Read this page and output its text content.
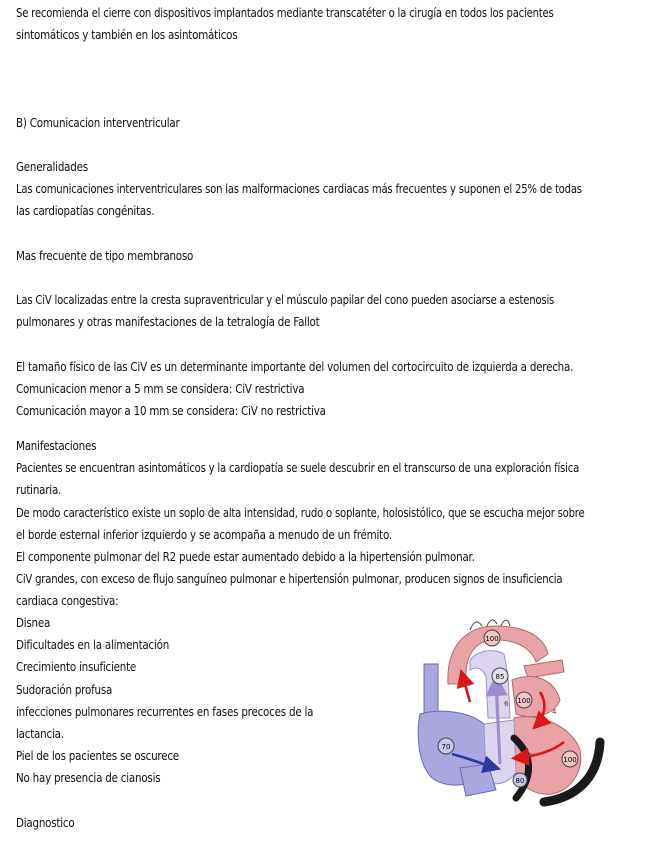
Se recomienda el cierre con dispositivos implantados mediante transcatéter o la cirugía en todos los pacientes

sintomáticos y también en los asintomáticos

B) Comunicacion interventricular

Generalidades

Las comunicaciones interventriculares son las malformaciones cardiacas más frecuentes y suponen el 25% de todas

las cardiopatías congénitas.

Mas frecuente de tipo membranoso

Las CiV localizadas entre la cresta supraventricular y el músculo papilar del cono pueden asociarse a estenosis

pulmonares y otras manifestaciones de la tetralogía de Fallot

El tamaño físico de las CiV es un determinante importante del volumen del cortocircuito de izquierda a derecha.

Comunicacion menor a 5 mm se considera: CiV restrictiva

Comunicación mayor a 10 mm se considera: CiV no restrictiva

Manifestaciones

Pacientes se encuentran asintomáticos y la cardiopatía se suele descubrir en el transcurso de una exploración física

rutinaria.

De modo característico existe un soplo de alta intensidad, rudo o soplante, holosistólico, que se escucha mejor sobre

el borde esternal inferior izquierdo y se acompaña a menudo de un frémito.

El componente pulmonar del R2 puede estar aumentado debido a la hipertensión pulmonar.

CiV grandes, con exceso de flujo sanguíneo pulmonar e hipertensión pulmonar, producen signos de insuficiencia

cardiaca congestiva:

Disnea

Dificultades en la alimentación

Crecimiento insuficiente

Sudoración profusa

infecciones pulmonares recurrentes en fases precoces de la

lactancia.

Piel de los pacientes se oscurece

No hay presencia de cianosis

Diagnostico

100
85
100
70
100
80
6
4
5
